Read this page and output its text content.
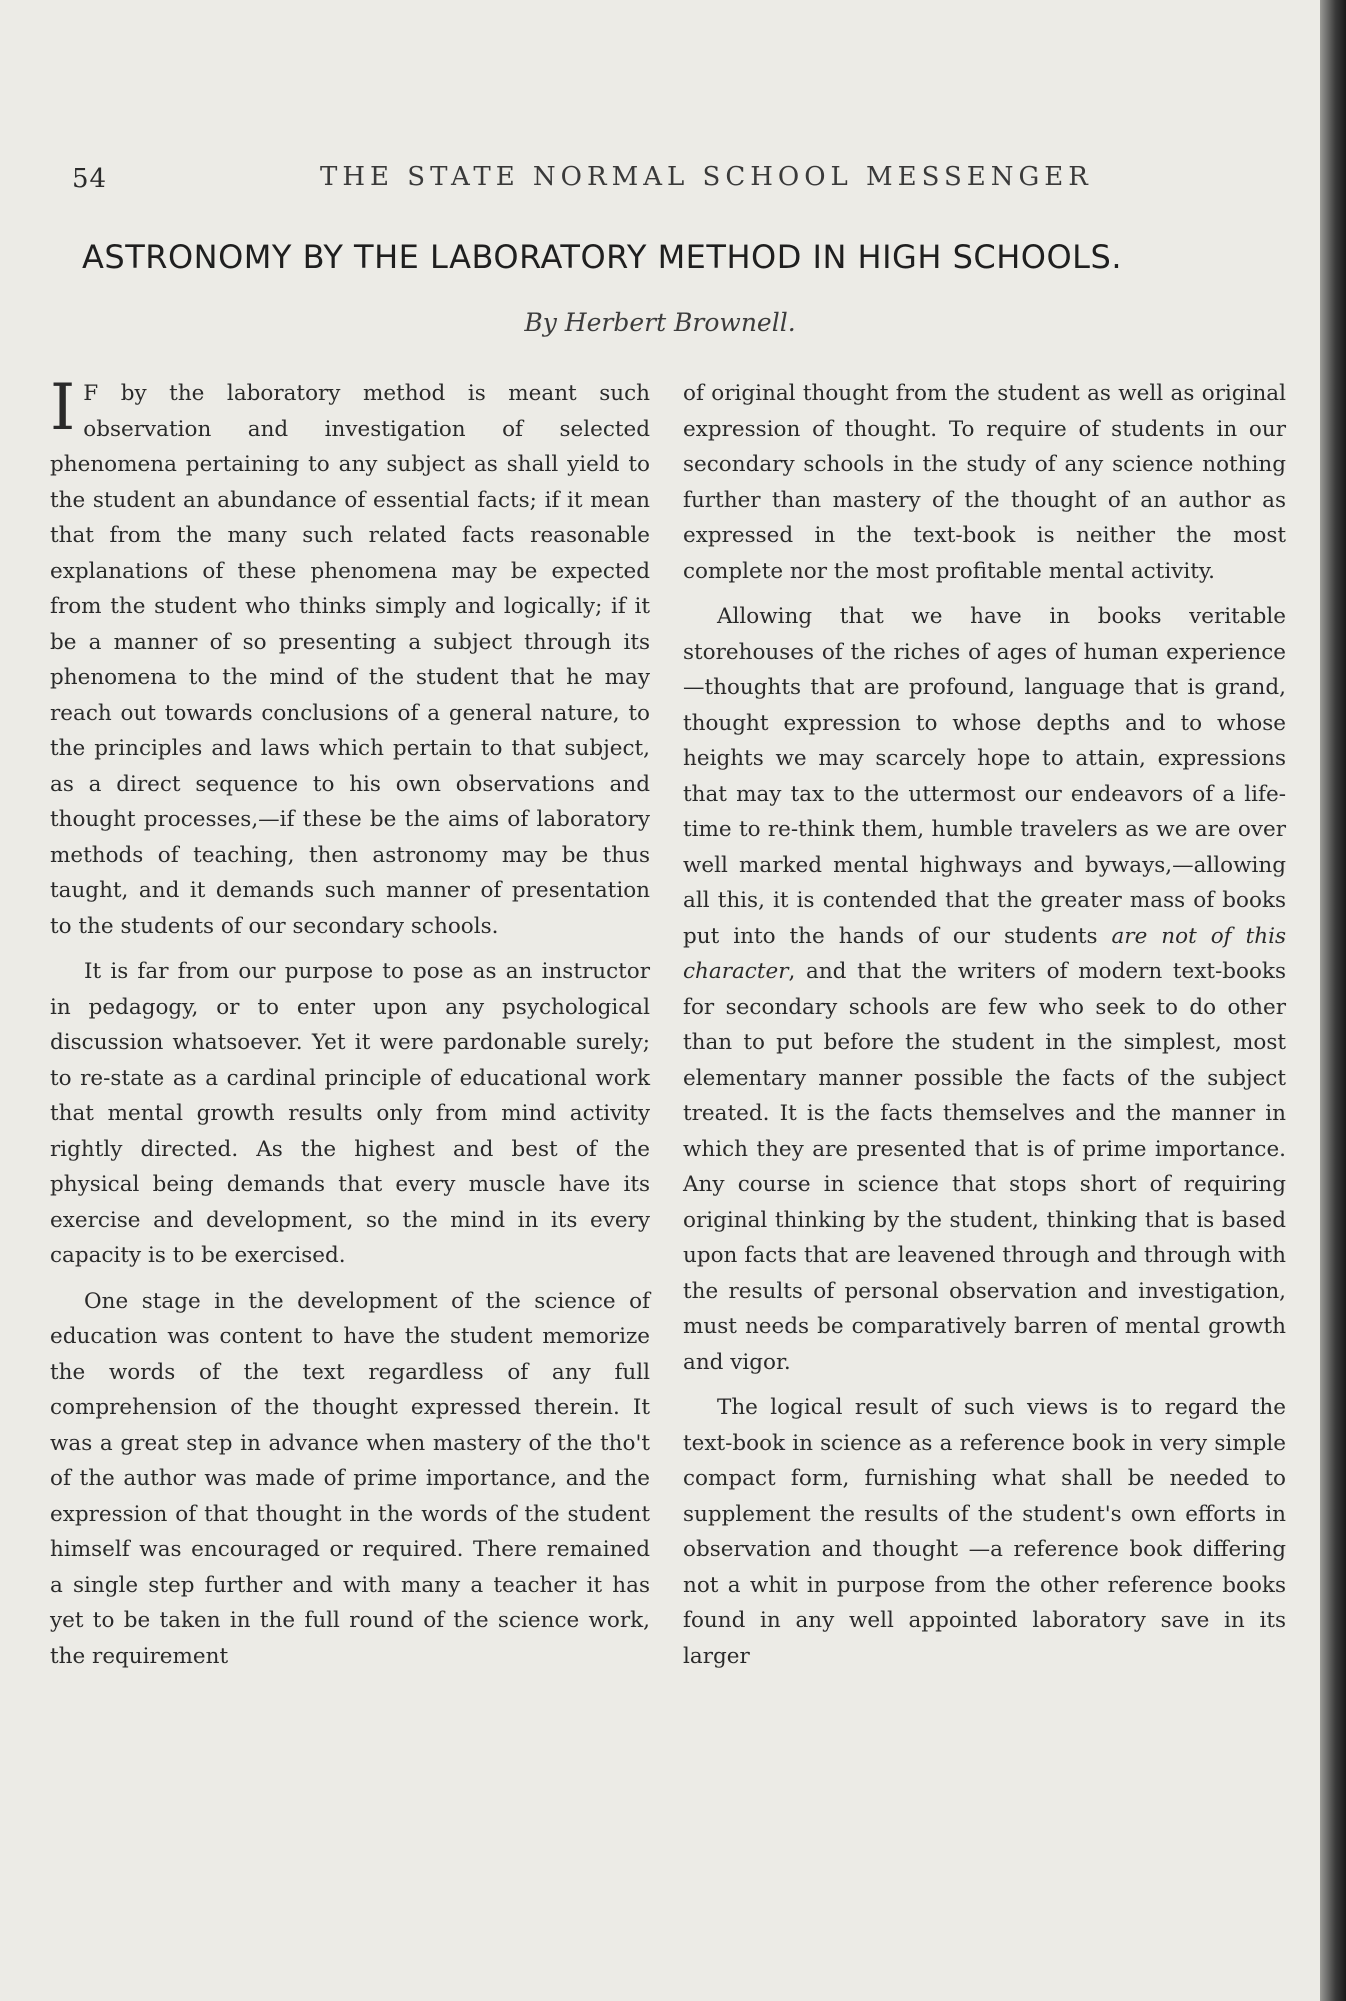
54	THE STATE NORMAL SCHOOL MESSENGER
ASTRONOMY BY THE LABORATORY METHOD IN HIGH SCHOOLS.
By Herbert Brownell.

I F by the laboratory method is meant such observation and investigation of selected phenomena pertaining to any subject as shall yield to the student an abundance of essential facts; if it mean that from the many such related facts reasonable explanations of these phenomena may be expected from the student who thinks simply and logically; if it be a manner of so presenting a subject through its phenomena to the mind of the student that he may reach out towards conclusions of a general nature, to the principles and laws which pertain to that subject, as a direct sequence to his own observations and thought processes,—if these be the aims of laboratory methods of teaching, then astronomy may be thus taught, and it demands such manner of presentation to the students of our secondary schools.

It is far from our purpose to pose as an instructor in pedagogy, or to enter upon any psychological discussion whatsoever. Yet it were pardonable surely; to re-state as a cardinal principle of educational work that mental growth results only from mind activity rightly directed. As the highest and best of the physical being demands that every muscle have its exercise and development, so the mind in its every capacity is to be exercised.

One stage in the development of the science of education was content to have the student memorize the words of the text regardless of any full comprehension of the thought expressed therein. It was a great step in advance when mastery of the tho't of the author was made of prime importance, and the expression of that thought in the words of the student himself was encouraged or required. There remained a single step further and with many a teacher it has yet to be taken in the full round of the science work, the requirement

of original thought from the student as well as original expression of thought. To require of students in our secondary schools in the study of any science nothing further than mastery of the thought of an author as expressed in the text-book is neither the most complete nor the most profitable mental activity.

Allowing that we have in books veritable storehouses of the riches of ages of human experience—thoughts that are profound, language that is grand, thought expression to whose depths and to whose heights we may scarcely hope to attain, expressions that may tax to the uttermost our endeavors of a life-time to re-think them, humble travelers as we are over well marked mental highways and byways,—allowing all this, it is contended that the greater mass of books put into the hands of our students are not of this character, and that the writers of modern text-books for secondary schools are few who seek to do other than to put before the student in the simplest, most elementary manner possible the facts of the subject treated. It is the facts themselves and the manner in which they are presented that is of prime importance. Any course in science that stops short of requiring original thinking by the student, thinking that is based upon facts that are leavened through and through with the results of personal observation and investigation, must needs be comparatively barren of mental growth and vigor.

The logical result of such views is to regard the text-book in science as a reference book in very simple compact form, furnishing what shall be needed to supplement the results of the student's own efforts in observation and thought —a reference book differing not a whit in purpose from the other reference books found in any well appointed laboratory save in its larger
